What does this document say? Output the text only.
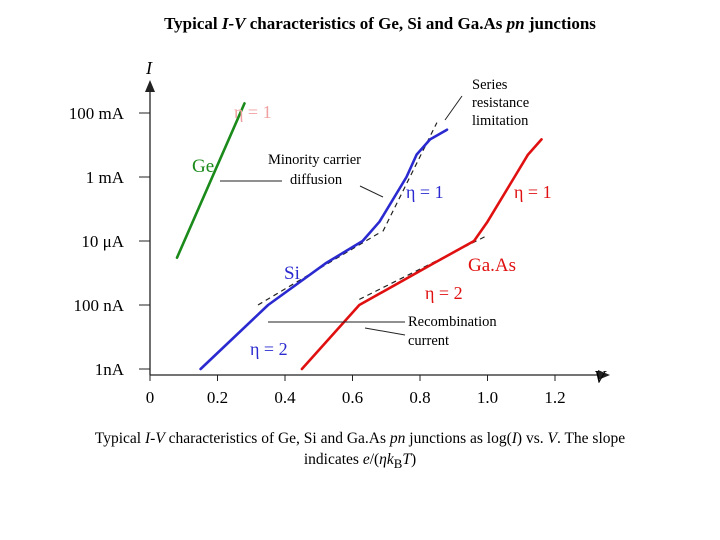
Typical I-V characteristics of Ge, Si and Ga.As pn junctions
I
V
0	0.2	0.4	0.6	0.8	1.0	1.2
100 mA
1 mA
10 μA
100 nA
1nA
η = 1
Ge	Minority carrier
diffusion
Series
resistance
limitation
η = 1	η = 1
Si	Ga.As
η = 2
Recombination
current
η = 2
Typical I-V characteristics of Ge, Si and Ga.As pn junctions as log(I) vs. V. The slope
indicates $e/(\eta k_BT)$
